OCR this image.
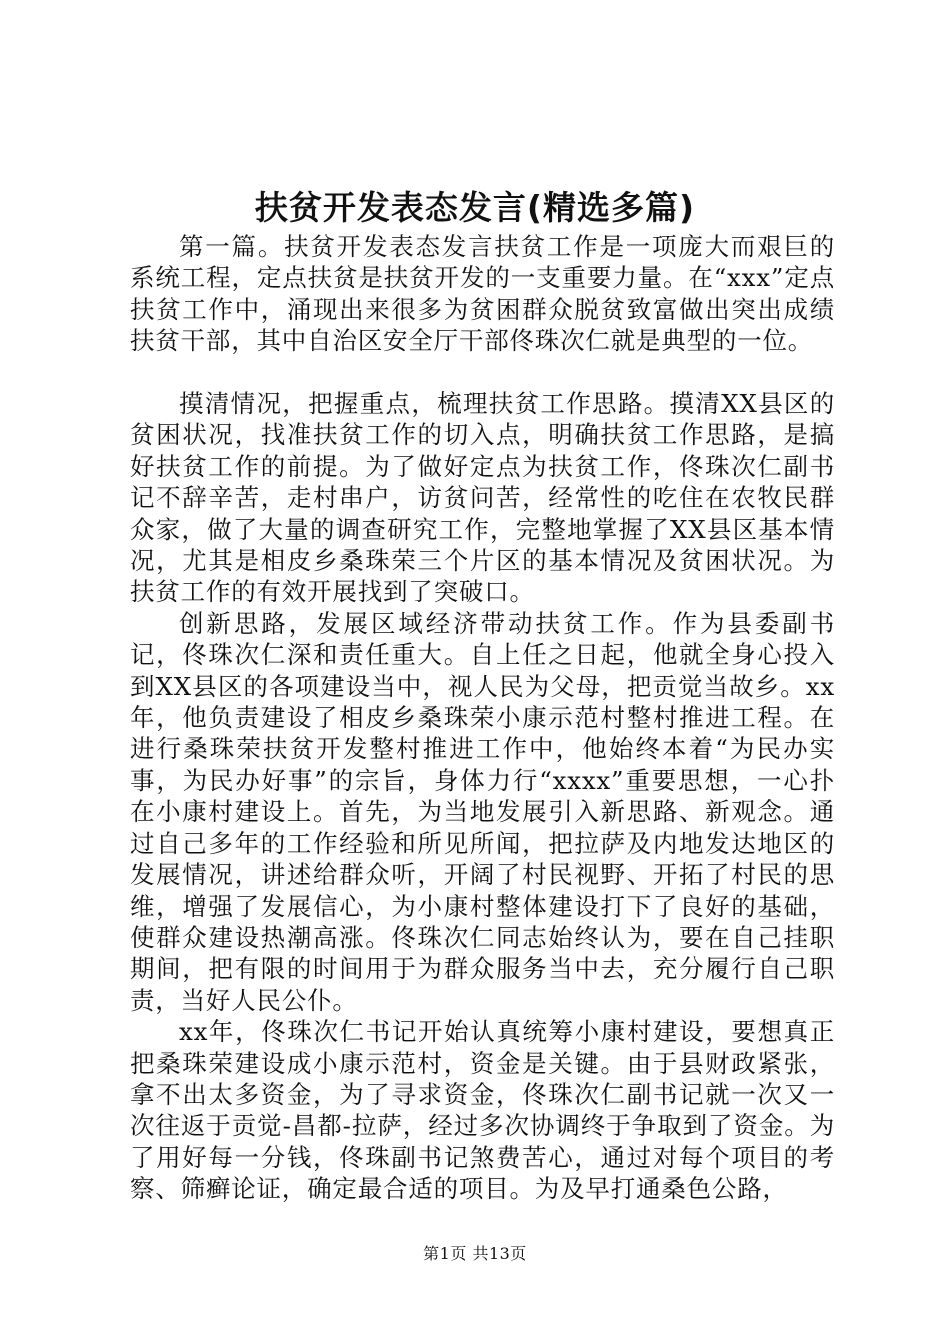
扶贫开发表态发言(精选多篇)

第一篇。扶贫开发表态发言扶贫工作是一项庞大而艰巨的系统工程，定点扶贫是扶贫开发的一支重要力量。在“xxx”定点扶贫工作中，涌现出来很多为贫困群众脱贫致富做出突出成绩扶贫干部，其中自治区安全厅干部佟珠次仁就是典型的一位。

摸清情况，把握重点，梳理扶贫工作思路。摸清XX县区的贫困状况，找准扶贫工作的切入点，明确扶贫工作思路，是搞好扶贫工作的前提。为了做好定点为扶贫工作，佟珠次仁副书记不辞辛苦，走村串户，访贫问苦，经常性的吃住在农牧民群众家，做了大量的调查研究工作，完整地掌握了XX县区基本情况，尤其是相皮乡桑珠荣三个片区的基本情况及贫困状况。为扶贫工作的有效开展找到了突破口。

创新思路，发展区域经济带动扶贫工作。作为县委副书记，佟珠次仁深和责任重大。自上任之日起，他就全身心投入到XX县区的各项建设当中，视人民为父母，把贡觉当故乡。xx年，他负责建设了相皮乡桑珠荣小康示范村整村推进工程。在进行桑珠荣扶贫开发整村推进工作中，他始终本着“为民办实事，为民办好事”的宗旨，身体力行“xxxx”重要思想，一心扑在小康村建设上。首先，为当地发展引入新思路、新观念。通过自己多年的工作经验和所见所闻，把拉萨及内地发达地区的发展情况，讲述给群众听，开阔了村民视野、开拓了村民的思维，增强了发展信心，为小康村整体建设打下了良好的基础，使群众建设热潮高涨。佟珠次仁同志始终认为，要在自己挂职期间，把有限的时间用于为群众服务当中去，充分履行自己职责，当好人民公仆。

xx年，佟珠次仁书记开始认真统筹小康村建设，要想真正把桑珠荣建设成小康示范村，资金是关键。由于县财政紧张，拿不出太多资金，为了寻求资金，佟珠次仁副书记就一次又一次往返于贡觉-昌都-拉萨，经过多次协调终于争取到了资金。为了用好每一分钱，佟珠副书记煞费苦心，通过对每个项目的考察、筛癣论证，确定最合适的项目。为及早打通桑色公路，

第1页 共13页
